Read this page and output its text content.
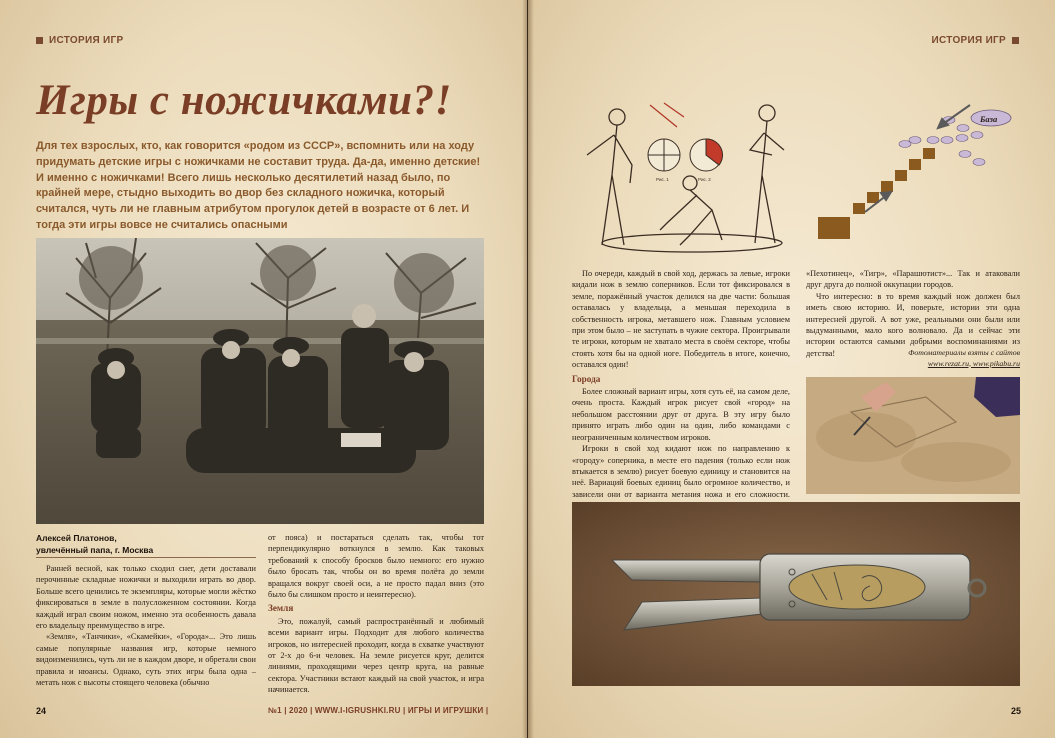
ИСТОРИЯ ИГР
Игры с ножичками?!
Для тех взрослых, кто, как говорится «родом из СССР», вспомнить или на ходу придумать детские игры с ножичками не составит труда. Да-да, именно детские! И именно с ножичками! Всего лишь несколько десятилетий назад было, по крайней мере, стыдно выходить во двор без складного ножичка, который считался, чуть ли не главным атрибутом прогулок детей в возрасте от 6 лет. И тогда эти игры вовсе не считались опасными
Алексей Платонов,
увлечённый папа, г. Москва

Ранней весной, как только сходил снег, дети доставали перочинные складные ножички и выходили играть во двор. Больше всего ценились те экземпляры, которые могли жёстко фиксироваться в земле в полусложенном состоянии. Когда каждый играл своим ножом, именно эта особенность давала его владельцу преимущество в игре.

«Земля», «Танчики», «Скамейки», «Города»... Это лишь самые популярные названия игр, которые немного видоизменились, чуть ли не в каждом дворе, и обретали свои правила и нюансы. Однако, суть этих игры была одна – метать нож с высоты стоящего человека (обычно

от пояса) и постараться сделать так, чтобы тот перпендикулярно воткнулся в землю. Как таковых требований к способу бросков было немного: его нужно было бросать так, чтобы он во время полёта до земли вращался вокруг своей оси, а не просто падал вниз (это было бы слишком просто и неинтересно).

Земля

Это, пожалуй, самый распространённый и любимый всеми вариант игры. Подходит для любого количества игроков, но интересней проходит, когда в схватке участвуют от 2-х до 6-и человек. На земле рисуется круг, делится линиями, проходящими через центр круга, на равные сектора. Участники встают каждый на свой участок, и игра начинается.

24	№1 | 2020 | WWW.I-IGRUSHKI.RU | ИГРЫ И ИГРУШКИ |
ИСТОРИЯ ИГР
Рис. 1	Рис. 2
База

По очереди, каждый в свой ход, держась за левые, игроки кидали нож в землю соперников. Если тот фиксировался в земле, поражённый участок делился на две части: большая оставалась у владельца, а меньшая переходила в собственность игрока, метавшего нож. Главным условием при этом было – не заступать в чужие сектора. Проигрывали те игроки, которым не хватало места в своём секторе, чтобы стоять хотя бы на одной ноге. Победитель в итоге, конечно, оставался один!

Города

Более сложный вариант игры, хотя суть её, на самом деле, очень проста. Каждый игрок рисует свой «город» на небольшом расстоянии друг от друга. В эту игру было принято играть либо один на один, либо командами с неограниченным количеством игроков.

Игроки в свой ход кидают нож по направлению к «городу» соперника, в месте его падения (только если нож втыкается в землю) рисует боевую единицу и становится на неё. Вариаций боевых единиц было огромное количество, и зависели они от варианта метания ножа и его сложности.

«Пехотинец», «Тигр», «Парашютист»... Так и атаковали друг друга до полной оккупации городов.

Что интересно: в то время каждый нож должен был иметь свою историю. И, поверьте, истории эти одна интересней другой. А вот уже, реальными они были или выдуманными, мало кого волновало. Да и сейчас эти истории остаются самыми добрыми воспоминаниями из детства!	Фотоматериалы взяты с сайтов
www.rezat.ru, www.pikabu.ru
25
